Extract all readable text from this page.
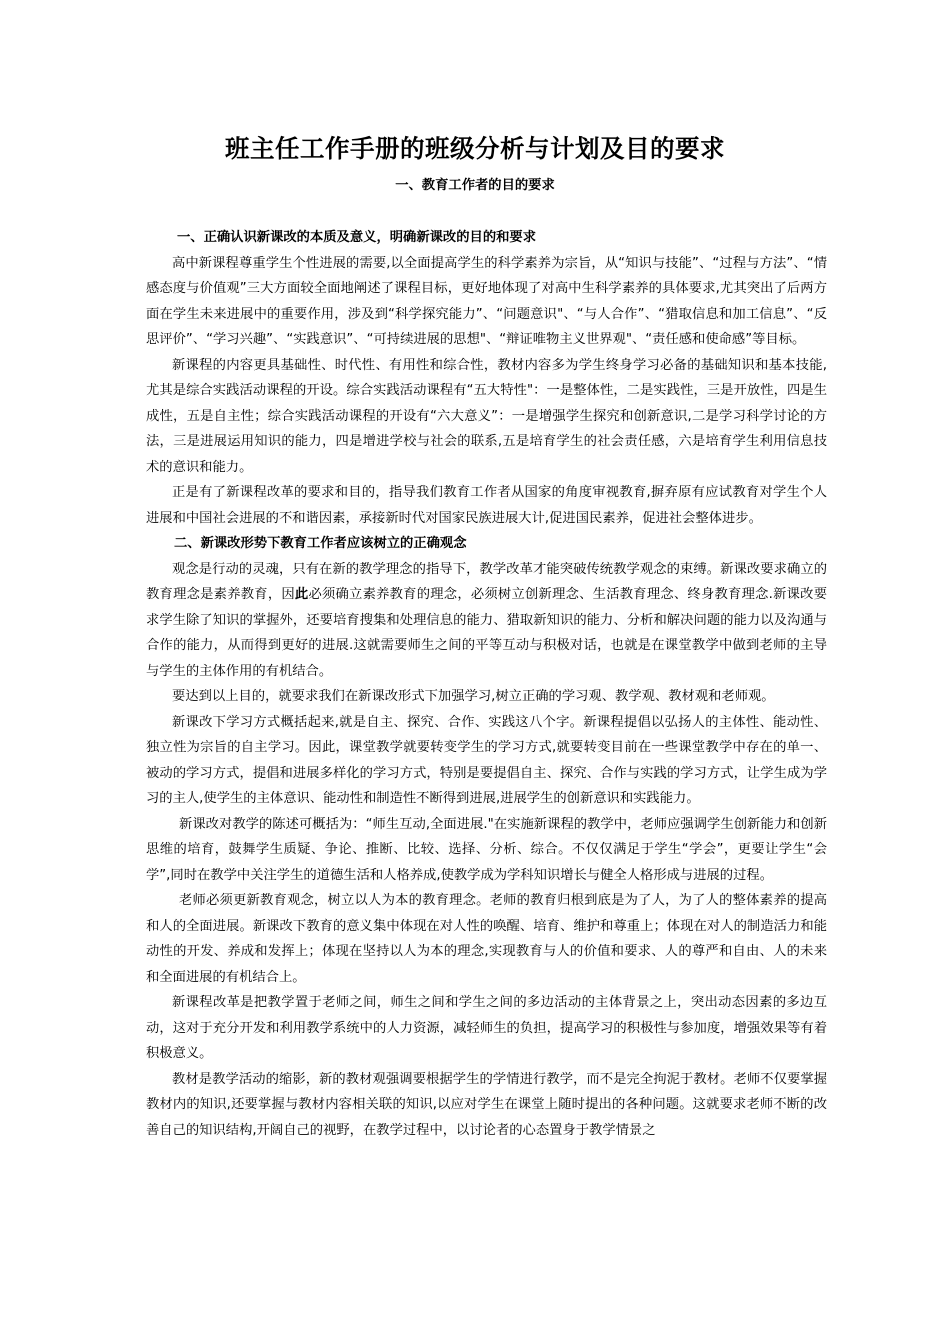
班主任工作手册的班级分析与计划及目的要求
一、教育工作者的目的要求
一、正确认识新课改的本质及意义，明确新课改的目的和要求

高中新课程尊重学生个性进展的需要,以全面提高学生的科学素养为宗旨，从“知识与技能”、“过程与方法”、“情感态度与价值观”三大方面较全面地阐述了课程目标，更好地体现了对高中生科学素养的具体要求,尤其突出了后两方面在学生未来进展中的重要作用，涉及到“科学探究能力”、“问题意识"、“与人合作”、“猎取信息和加工信息”、“反思评价”、“学习兴趣”、“实践意识”、“可持续进展的思想"、“辩证唯物主义世界观"、“责任感和使命感”等目标。

新课程的内容更具基础性、时代性、有用性和综合性，教材内容多为学生终身学习必备的基础知识和基本技能,尤其是综合实践活动课程的开设。综合实践活动课程有“五大特性"：一是整体性，二是实践性，三是开放性，四是生成性，五是自主性；综合实践活动课程的开设有“六大意义”：一是增强学生探究和创新意识,二是学习科学讨论的方法，三是进展运用知识的能力，四是增进学校与社会的联系,五是培育学生的社会责任感，六是培育学生利用信息技术的意识和能力。

正是有了新课程改革的要求和目的，指导我们教育工作者从国家的角度审视教育,摒弃原有应试教育对学生个人进展和中国社会进展的不和谐因素，承接新时代对国家民族进展大计,促进国民素养，促进社会整体进步。

二、新课改形势下教育工作者应该树立的正确观念

观念是行动的灵魂，只有在新的教学理念的指导下，教学改革才能突破传统教学观念的束缚。新课改要求确立的教育理念是素养教育，因此必须确立素养教育的理念，必须树立创新理念、生活教育理念、终身教育理念.新课改要求学生除了知识的掌握外，还要培育搜集和处理信息的能力、猎取新知识的能力、分析和解决问题的能力以及沟通与合作的能力，从而得到更好的进展.这就需要师生之间的平等互动与积极对话，也就是在课堂教学中做到老师的主导与学生的主体作用的有机结合。

要达到以上目的，就要求我们在新课改形式下加强学习,树立正确的学习观、教学观、教材观和老师观。

新课改下学习方式概括起来,就是自主、探究、合作、实践这八个字。新课程提倡以弘扬人的主体性、能动性、独立性为宗旨的自主学习。因此，课堂教学就要转变学生的学习方式,就要转变目前在一些课堂教学中存在的单一、被动的学习方式，提倡和进展多样化的学习方式，特别是要提倡自主、探究、合作与实践的学习方式，让学生成为学习的主人,使学生的主体意识、能动性和制造性不断得到进展,进展学生的创新意识和实践能力。

新课改对教学的陈述可概括为：“师生互动,全面进展."在实施新课程的教学中，老师应强调学生创新能力和创新思维的培育，鼓舞学生质疑、争论、推断、比较、选择、分析、综合。不仅仅满足于学生“学会”，更要让学生“会学”,同时在教学中关注学生的道德生活和人格养成,使教学成为学科知识增长与健全人格形成与进展的过程。

老师必须更新教育观念，树立以人为本的教育理念。老师的教育归根到底是为了人，为了人的整体素养的提高和人的全面进展。新课改下教育的意义集中体现在对人性的唤醒、培育、维护和尊重上；体现在对人的制造活力和能动性的开发、养成和发挥上；体现在坚持以人为本的理念,实现教育与人的价值和要求、人的尊严和自由、人的未来和全面进展的有机结合上。

新课程改革是把教学置于老师之间，师生之间和学生之间的多边活动的主体背景之上，突出动态因素的多边互动，这对于充分开发和利用教学系统中的人力资源，减轻师生的负担，提高学习的积极性与参加度，增强效果等有着积极意义。

教材是教学活动的缩影，新的教材观强调要根据学生的学情进行教学，而不是完全拘泥于教材。老师不仅要掌握教材内的知识,还要掌握与教材内容相关联的知识,以应对学生在课堂上随时提出的各种问题。这就要求老师不断的改善自己的知识结构,开阔自己的视野，在教学过程中，以讨论者的心态置身于教学情景之
